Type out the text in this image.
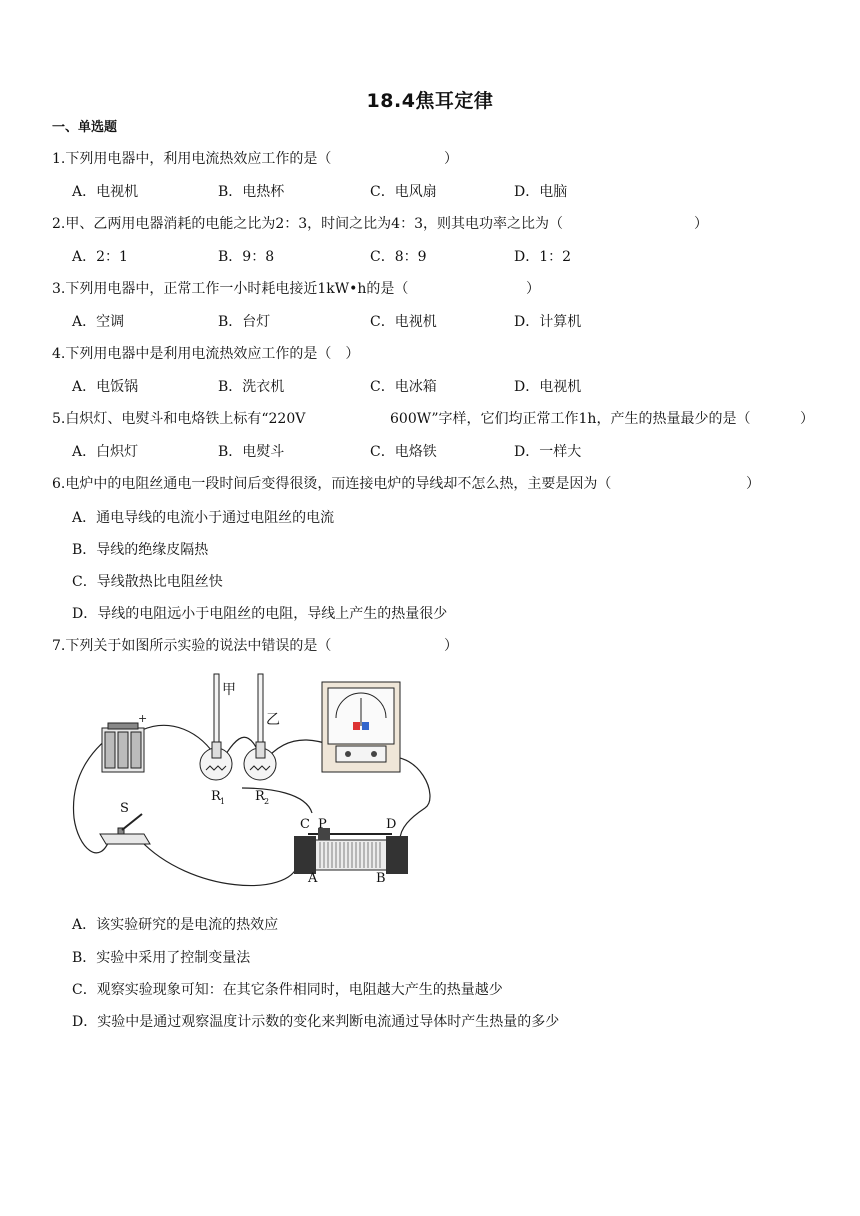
18.4焦耳定律
一、单选题
1.下列用电器中，利用电流热效应工作的是（	）
A．电视机	B．电热杯	C．电风扇	D．电脑
2.甲、乙两用电器消耗的电能之比为2：3，时间之比为4：3，则其电功率之比为（	）
A．2：1	B．9：8	C．8：9	D．1：2
3.下列用电器中，正常工作一小时耗电接近1kW•h的是（	）
A．空调	B．台灯	C．电视机	D．计算机
4.下列用电器中是利用电流热效应工作的是（　）
A．电饭锅	B．洗衣机	C．电冰箱	D．电视机
5.白炽灯、电熨斗和电烙铁上标有“220V	600W”字样，它们均正常工作1h，产生的热量最少的是（	）
A．白炽灯	B．电熨斗	C．电烙铁	D．一样大
6.电炉中的电阻丝通电一段时间后变得很烫，而连接电炉的导线却不怎么热，主要是因为（	）
A．通电导线的电流小于通过电阻丝的电流
B．导线的绝缘皮隔热
C．导线散热比电阻丝快
D．导线的电阻远小于电阻丝的电阻，导线上产生的热量很少
7.下列关于如图所示实验的说法中错误的是（	）
+
甲
乙
R 1 R 2
S
C P	D
A	B
A．该实验研究的是电流的热效应
B．实验中采用了控制变量法
C．观察实验现象可知：在其它条件相同时，电阻越大产生的热量越少
D．实验中是通过观察温度计示数的变化来判断电流通过导体时产生热量的多少
